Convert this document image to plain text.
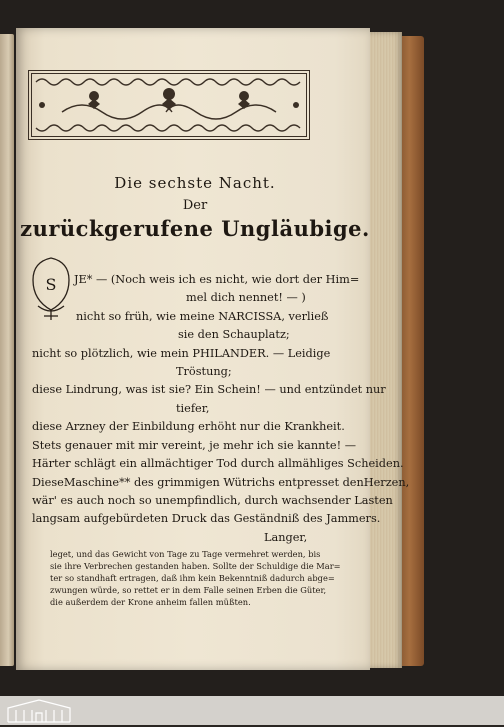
Die sechste Nacht.
Der
zurückgerufene Ungläubige.
S JE* — (Noch weis ich es nicht, wie dort der Him=
mel dich nennet! — )
nicht so früh, wie meine NARCISSA, verließ
sie den Schauplatz;
nicht so plötzlich, wie mein PHILANDER. — Leidige
Tröstung;
diese Lindrung, was ist sie? Ein Schein! — und entzündet nur
tiefer,
diese Arzney der Einbildung erhöht nur die Krankheit.
Stets genauer mit mir vereint, je mehr ich sie kannte! —
Härter schlägt ein allmächtiger Tod durch allmähliges Scheiden.
DieseMaschine** des grimmigen Wütrichs entpresset denHerzen,
wär' es auch noch so unempfindlich, durch wachsender Lasten
langsam aufgebürdeten Druck das Geständniß des Jammers.
Langer,
leget, und das Gewicht von Tage zu Tage vermehret werden, bis
sie ihre Verbrechen gestanden haben. Sollte der Schuldige die Mar=
ter so standhaft ertragen, daß ihm kein Bekenntniß dadurch abge=
zwungen würde, so rettet er in dem Falle seinen Erben die Güter,
die außerdem der Krone anheim fallen müßten.
